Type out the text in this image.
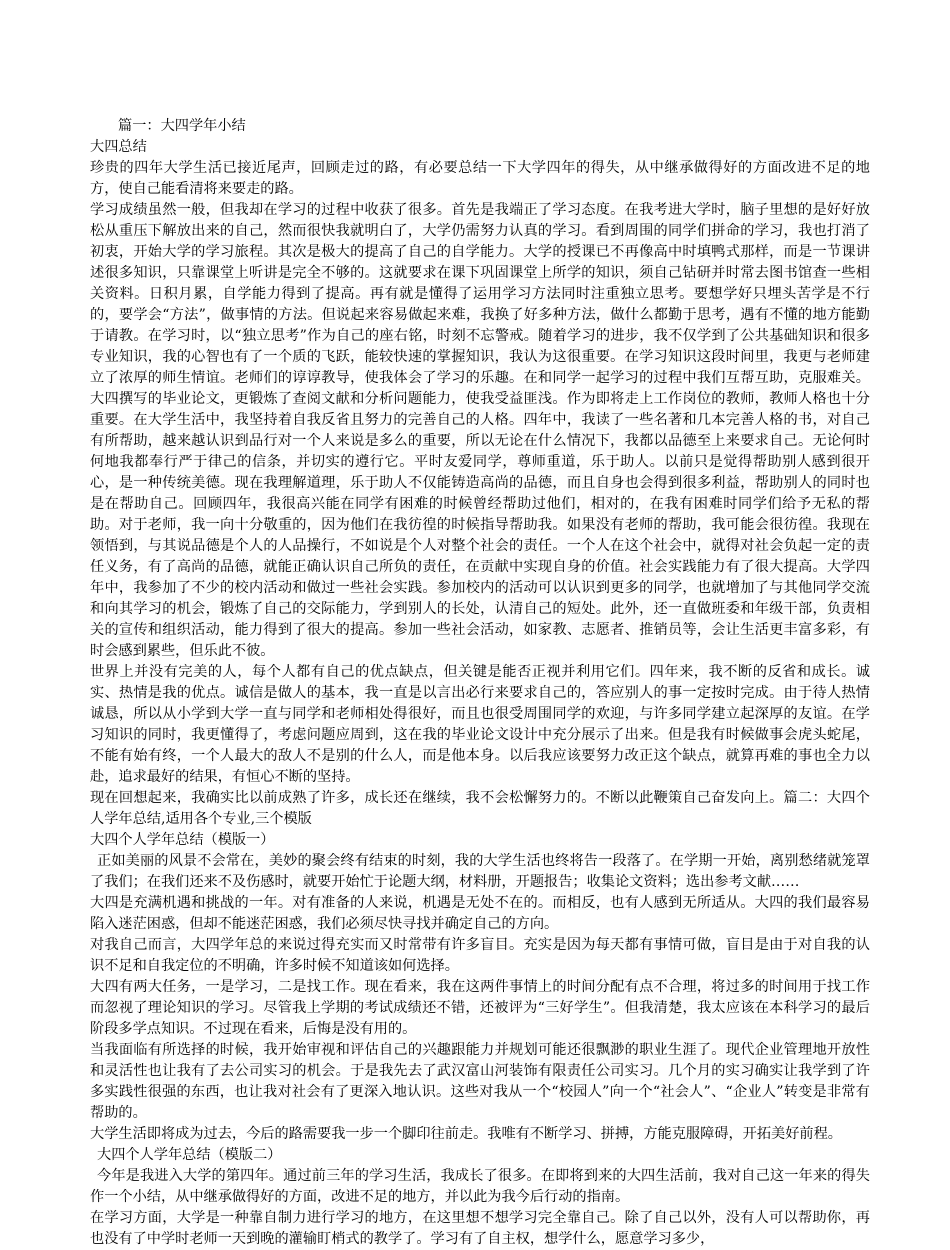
篇一：大四学年小结

大四总结

珍贵的四年大学生活已接近尾声，回顾走过的路，有必要总结一下大学四年的得失，从中继承做得好的方面改进不足的地方，使自己能看清将来要走的路。

学习成绩虽然一般，但我却在学习的过程中收获了很多。首先是我端正了学习态度。在我考进大学时，脑子里想的是好好放松从重压下解放出来的自己，然而很快我就明白了，大学仍需努力认真的学习。看到周围的同学们拼命的学习，我也打消了初衷，开始大学的学习旅程。其次是极大的提高了自己的自学能力。大学的授课已不再像高中时填鸭式那样，而是一节课讲述很多知识，只靠课堂上听讲是完全不够的。这就要求在课下巩固课堂上所学的知识，须自己钻研并时常去图书馆查一些相关资料。日积月累，自学能力得到了提高。再有就是懂得了运用学习方法同时注重独立思考。要想学好只埋头苦学是不行的，要学会“方法”，做事情的方法。但说起来容易做起来难，我换了好多种方法，做什么都勤于思考，遇有不懂的地方能勤于请教。在学习时，以“独立思考”作为自己的座右铭，时刻不忘警戒。随着学习的进步，我不仅学到了公共基础知识和很多专业知识，我的心智也有了一个质的飞跃，能较快速的掌握知识，我认为这很重要。在学习知识这段时间里，我更与老师建立了浓厚的师生情谊。老师们的谆谆教导，使我体会了学习的乐趣。在和同学一起学习的过程中我们互帮互助，克服难关。大四撰写的毕业论文，更锻炼了查阅文献和分析问题能力，使我受益匪浅。作为即将走上工作岗位的教师，教师人格也十分重要。在大学生活中，我坚持着自我反省且努力的完善自己的人格。四年中，我读了一些名著和几本完善人格的书，对自己有所帮助，越来越认识到品行对一个人来说是多么的重要，所以无论在什么情况下，我都以品德至上来要求自己。无论何时何地我都奉行严于律己的信条，并切实的遵行它。平时友爱同学，尊师重道，乐于助人。以前只是觉得帮助别人感到很开心，是一种传统美德。现在我理解道理，乐于助人不仅能铸造高尚的品德，而且自身也会得到很多利益，帮助别人的同时也是在帮助自己。回顾四年，我很高兴能在同学有困难的时候曾经帮助过他们，相对的，在我有困难时同学们给予无私的帮助。对于老师，我一向十分敬重的，因为他们在我彷徨的时候指导帮助我。如果没有老师的帮助，我可能会很彷徨。我现在领悟到，与其说品德是个人的人品操行，不如说是个人对整个社会的责任。一个人在这个社会中，就得对社会负起一定的责任义务，有了高尚的品德，就能正确认识自己所负的责任，在贡献中实现自身的价值。社会实践能力有了很大提高。大学四年中，我参加了不少的校内活动和做过一些社会实践。参加校内的活动可以认识到更多的同学，也就增加了与其他同学交流和向其学习的机会，锻炼了自己的交际能力，学到别人的长处，认清自己的短处。此外，还一直做班委和年级干部，负责相关的宣传和组织活动，能力得到了很大的提高。参加一些社会活动，如家教、志愿者、推销员等，会让生活更丰富多彩，有时会感到累些，但乐此不彼。

世界上并没有完美的人，每个人都有自己的优点缺点，但关键是能否正视并利用它们。四年来，我不断的反省和成长。诚实、热情是我的优点。诚信是做人的基本，我一直是以言出必行来要求自己的，答应别人的事一定按时完成。由于待人热情诚恳，所以从小学到大学一直与同学和老师相处得很好，而且也很受周围同学的欢迎，与许多同学建立起深厚的友谊。在学习知识的同时，我更懂得了，考虑问题应周到，这在我的毕业论文设计中充分展示了出来。但是我有时候做事会虎头蛇尾，不能有始有终，一个人最大的敌人不是别的什么人，而是他本身。以后我应该要努力改正这个缺点，就算再难的事也全力以赴，追求最好的结果，有恒心不断的坚持。

现在回想起来，我确实比以前成熟了许多，成长还在继续，我不会松懈努力的。不断以此鞭策自己奋发向上。篇二：大四个人学年总结,适用各个专业,三个模版

大四个人学年总结（模版一）

正如美丽的风景不会常在，美妙的聚会终有结束的时刻，我的大学生活也终将告一段落了。在学期一开始，离别愁绪就笼罩了我们；在我们还来不及伤感时，就要开始忙于论题大纲，材料册，开题报告；收集论文资料；选出参考文献……

大四是充满机遇和挑战的一年。对有准备的人来说，机遇是无处不在的。而相反，也有人感到无所适从。大四的我们最容易陷入迷茫困惑，但却不能迷茫困惑，我们必须尽快寻找并确定自己的方向。

对我自己而言，大四学年总的来说过得充实而又时常带有许多盲目。充实是因为每天都有事情可做，盲目是由于对自我的认识不足和自我定位的不明确，许多时候不知道该如何选择。

大四有两大任务，一是学习，二是找工作。现在看来，我在这两件事情上的时间分配有点不合理，将过多的时间用于找工作而忽视了理论知识的学习。尽管我上学期的考试成绩还不错，还被评为“三好学生”。但我清楚，我太应该在本科学习的最后阶段多学点知识。不过现在看来，后悔是没有用的。

当我面临有所选择的时候，我开始审视和评估自己的兴趣跟能力并规划可能还很飘渺的职业生涯了。现代企业管理地开放性和灵活性也让我有了去公司实习的机会。于是我先去了武汉富山河装饰有限责任公司实习。几个月的实习确实让我学到了许多实践性很强的东西，也让我对社会有了更深入地认识。这些对我从一个“校园人”向一个“社会人”、“企业人”转变是非常有帮助的。

大学生活即将成为过去，今后的路需要我一步一个脚印往前走。我唯有不断学习、拼搏，方能克服障碍，开拓美好前程。

大四个人学年总结（模版二）

今年是我进入大学的第四年。通过前三年的学习生活，我成长了很多。在即将到来的大四生活前，我对自己这一年来的得失作一个小结，从中继承做得好的方面，改进不足的地方，并以此为我今后行动的指南。

在学习方面，大学是一种靠自制力进行学习的地方，在这里想不想学习完全靠自己。除了自己以外，没有人可以帮助你，再也没有了中学时老师一天到晚的灌输盯梢式的教学了。学习有了自主权，想学什么，愿意学习多少，
